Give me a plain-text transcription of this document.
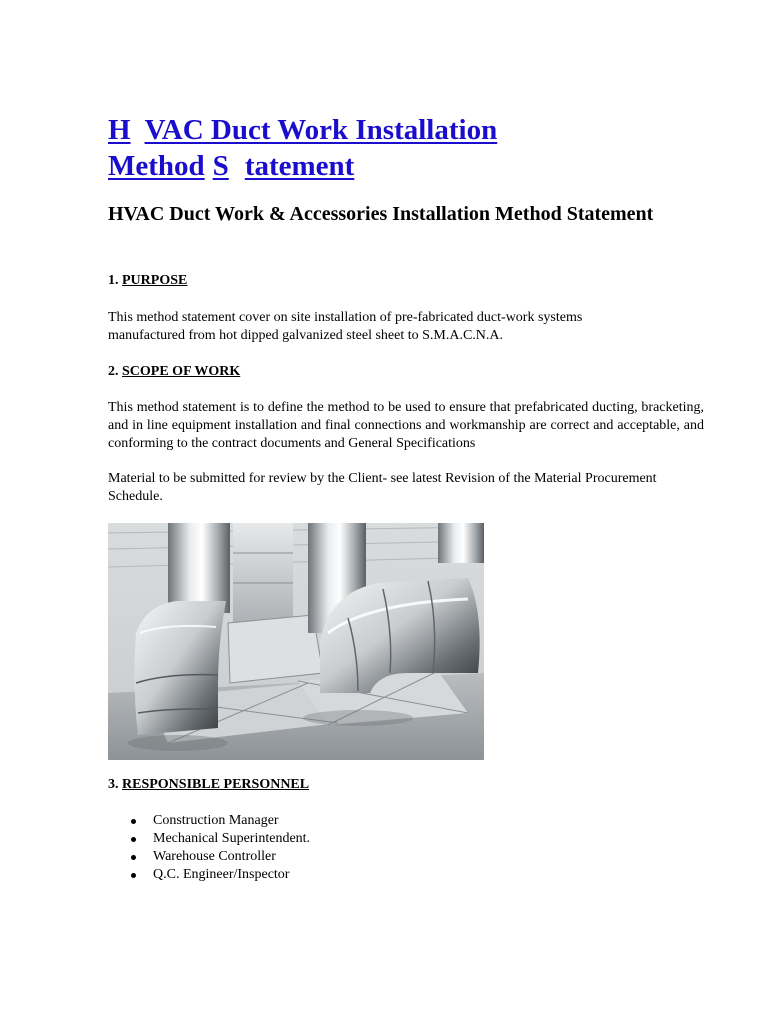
H VAC Duct Work Installation
Method S tatement
HVAC Duct Work & Accessories Installation Method Statement

1. PURPOSE

This method statement cover on site installation of pre-fabricated duct-work systems manufactured from hot dipped galvanized steel sheet to S.M.A.C.N.A.

2. SCOPE OF WORK

This method statement is to define the method to be used to ensure that prefabricated ducting, bracketing, and in line equipment installation and final connections and workmanship are correct and acceptable, and conforming to the contract documents and General Specifications

Material to be submitted for review by the Client- see latest Revision of the Material Procurement Schedule.

3. RESPONSIBLE PERSONNEL

Construction Manager
Mechanical Superintendent.
Warehouse Controller
Q.C. Engineer/Inspector
